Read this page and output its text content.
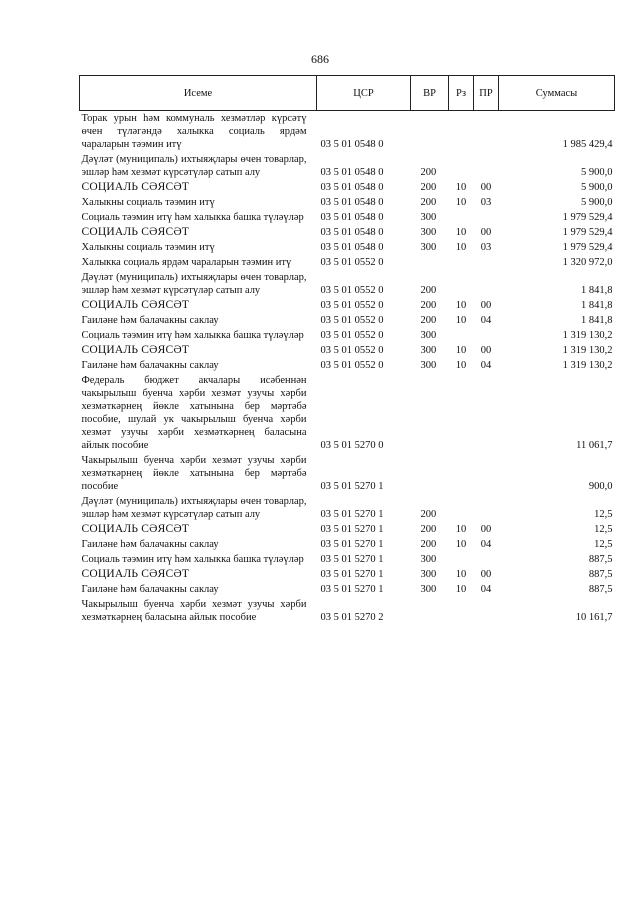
686
Исеме	ЦСР	ВР	Рз	ПР	Суммасы
Торак урын һәм коммуналь хезмәтләр күрсәтү өчен түләгәндә халыкка социаль ярдәм чараларын тәэмин итү	03 5 01 0548 0				1 985 429,4
Дәүләт (муниципаль) ихтыяҗлары өчен товарлар, эшләр һәм хезмәт күрсәтүләр сатып алу	03 5 01 0548 0	200			5 900,0
СОЦИАЛЬ СӘЯСӘТ	03 5 01 0548 0	200	10	00	5 900,0
Халыкны социаль тәэмин итү	03 5 01 0548 0	200	10	03	5 900,0
Социаль тәэмин итү һәм халыкка башка түләүләр	03 5 01 0548 0	300			1 979 529,4
СОЦИАЛЬ СӘЯСӘТ	03 5 01 0548 0	300	10	00	1 979 529,4
Халыкны социаль тәэмин итү	03 5 01 0548 0	300	10	03	1 979 529,4
Халыкка социаль ярдәм чараларын тәэмин итү	03 5 01 0552 0				1 320 972,0
Дәүләт (муниципаль) ихтыяҗлары өчен товарлар, эшләр һәм хезмәт күрсәтүләр сатып алу	03 5 01 0552 0	200			1 841,8
СОЦИАЛЬ СӘЯСӘТ	03 5 01 0552 0	200	10	00	1 841,8
Гаиләне һәм балачакны саклау	03 5 01 0552 0	200	10	04	1 841,8
Социаль тәэмин итү һәм халыкка башка түләүләр	03 5 01 0552 0	300			1 319 130,2
СОЦИАЛЬ СӘЯСӘТ	03 5 01 0552 0	300	10	00	1 319 130,2
Гаиләне һәм балачакны саклау	03 5 01 0552 0	300	10	04	1 319 130,2
Федераль бюджет акчалары исәбеннән чакырылыш буенча хәрби хезмәт узучы хәрби хезмәткәрнең йөкле хатынына бер мәртәбә пособие, шулай ук чакырылыш буенча хәрби хезмәт узучы хәрби хезмәткәрнең баласына айлык пособие	03 5 01 5270 0				11 061,7
Чакырылыш буенча хәрби хезмәт узучы хәрби хезмәткәрнең йөкле хатынына бер мәртәбә пособие	03 5 01 5270 1				900,0
Дәүләт (муниципаль) ихтыяҗлары өчен товарлар, эшләр һәм хезмәт күрсәтүләр сатып алу	03 5 01 5270 1	200			12,5
СОЦИАЛЬ СӘЯСӘТ	03 5 01 5270 1	200	10	00	12,5
Гаиләне һәм балачакны саклау	03 5 01 5270 1	200	10	04	12,5
Социаль тәэмин итү һәм халыкка башка түләүләр	03 5 01 5270 1	300			887,5
СОЦИАЛЬ СӘЯСӘТ	03 5 01 5270 1	300	10	00	887,5
Гаиләне һәм балачакны саклау	03 5 01 5270 1	300	10	04	887,5
Чакырылыш буенча хәрби хезмәт узучы хәрби хезмәткәрнең баласына айлык пособие	03 5 01 5270 2				10 161,7
